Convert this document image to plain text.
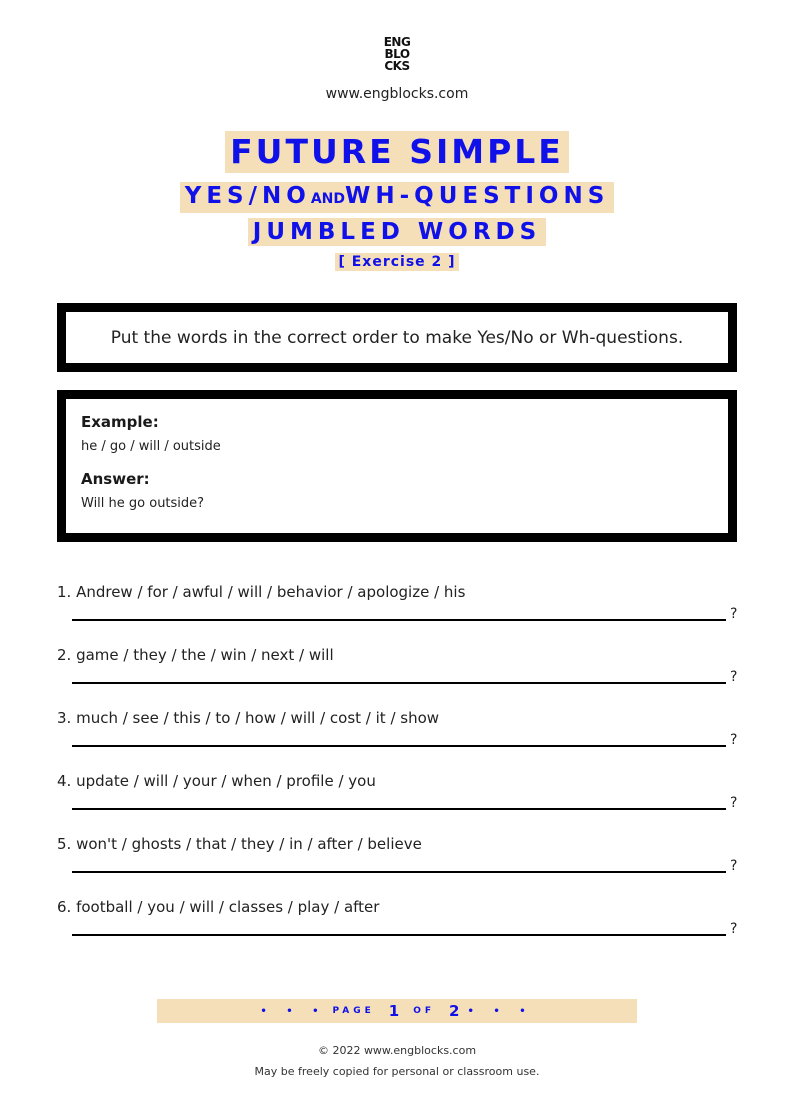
ENG
BLO
CKS
www.engblocks.com
FUTURE SIMPLE
YES/NOANDWH-QUESTIONS
JUMBLED WORDS
[ Exercise 2 ]
Put the words in the correct order to make Yes/No or Wh-questions.

Example:

he / go / will / outside

Answer:

Will he go outside?

1. Andrew / for / awful / will / behavior / apologize / his
?
2. game / they / the / win / next / will
?
3. much / see / this / to / how / will / cost / it / show
?
4. update / will / your / when / profile / you
?
5. won't / ghosts / that / they / in / after / believe
?
6. football / you / will / classes / play / after
?
• • • PAGE 1 OF 2 • • •
© 2022 www.engblocks.com
May be freely copied for personal or classroom use.
